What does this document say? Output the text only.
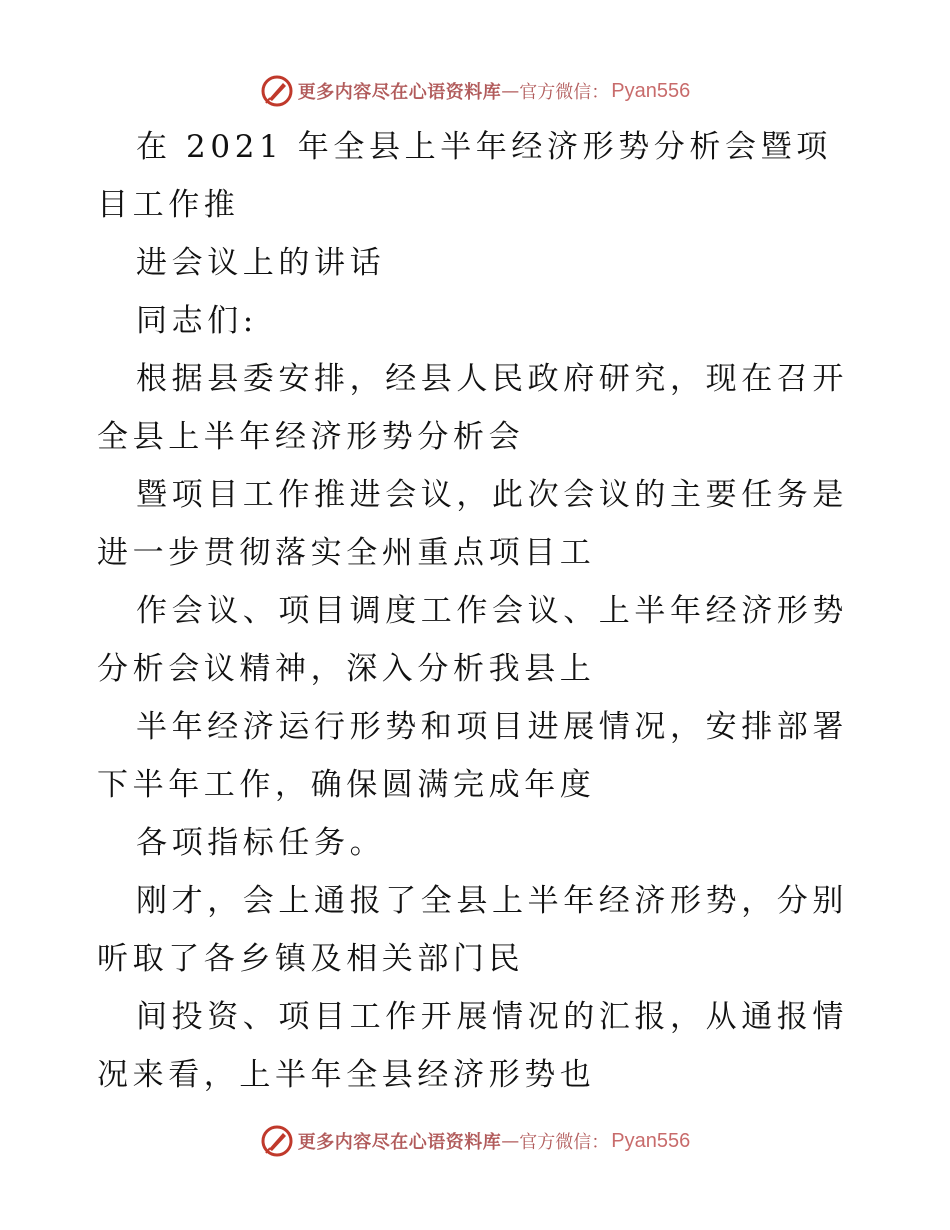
更多内容尽在心语资料库 — 官方微信： Pyan556

在 2021 年全县上半年经济形势分析会暨项目工作推

进会议上的讲话

同志们:

根据县委安排，经县人民政府研究，现在召开全县上半年经济形势分析会

暨项目工作推进会议，此次会议的主要任务是进一步贯彻落实全州重点项目工

作会议、项目调度工作会议、上半年经济形势分析会议精神，深入分析我县上

半年经济运行形势和项目进展情况，安排部署下半年工作，确保圆满完成年度

各项指标任务。

刚才，会上通报了全县上半年经济形势，分别听取了各乡镇及相关部门民

间投资、项目工作开展情况的汇报，从通报情况来看，上半年全县经济形势也

更多内容尽在心语资料库 — 官方微信： Pyan556
